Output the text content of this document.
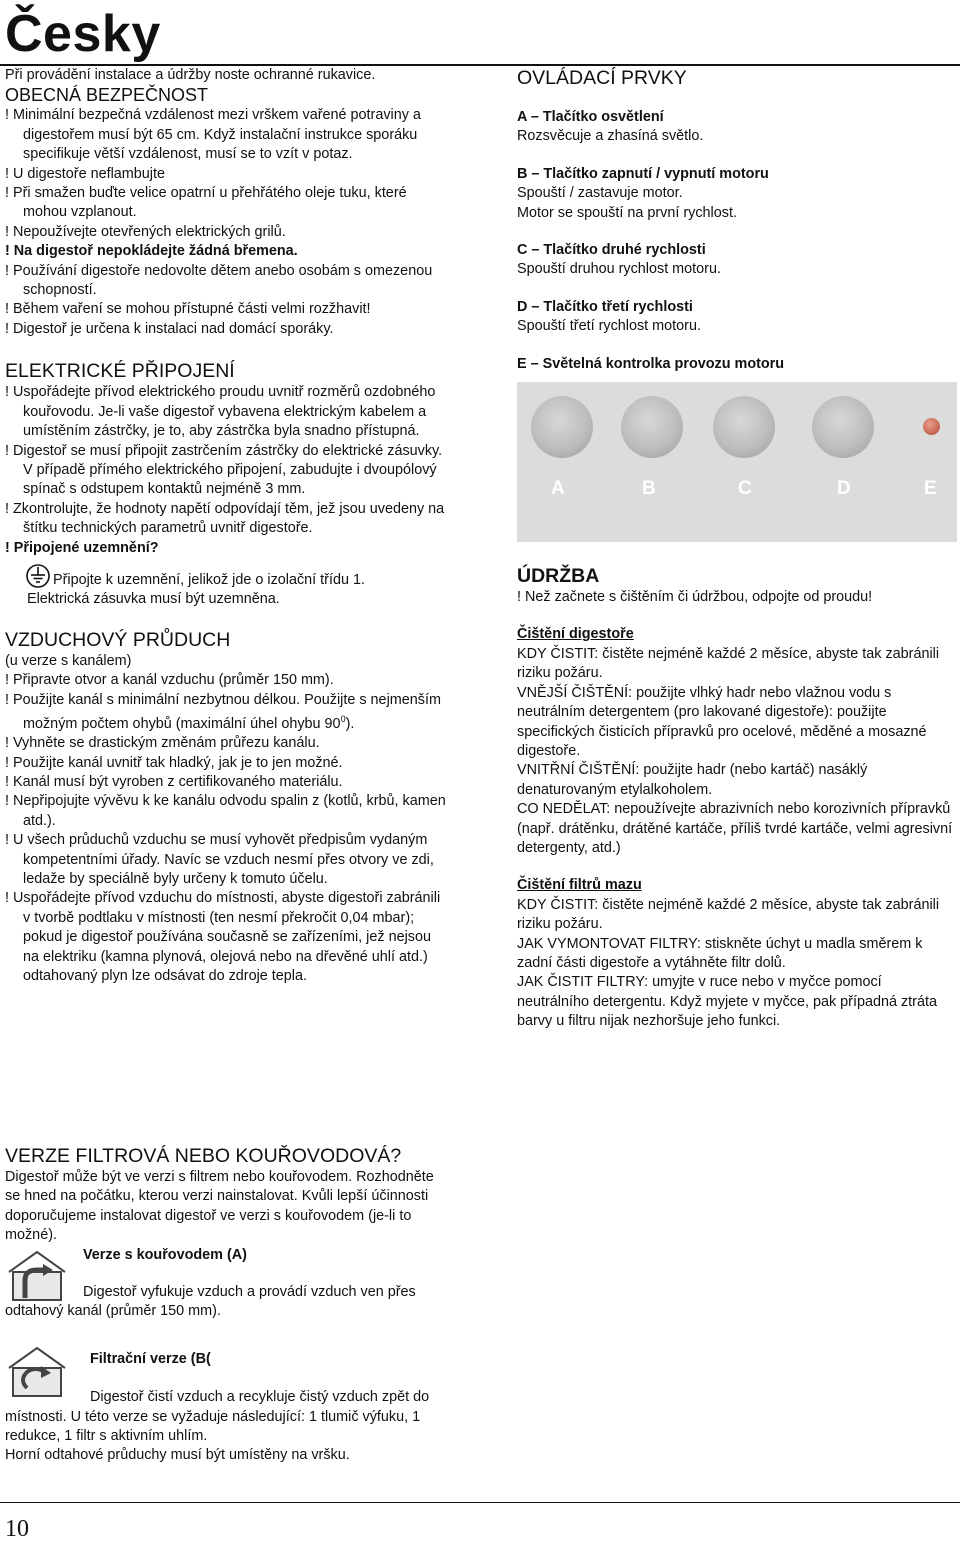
Česky

Při provádění instalace a údržby noste ochranné rukavice.

OBECNÁ BEZPEČNOST

! Minimální bezpečná vzdálenost mezi vrškem vařené potraviny a digestořem musí být 65 cm. Když instalační instrukce sporáku specifikuje větší vzdálenost, musí se to vzít v potaz.

! U digestoře neflambujte

! Při smažen buďte velice opatrní u přehřátého oleje tuku, které mohou vzplanout.

! Nepoužívejte otevřených elektrických grilů.

! Na digestoř nepokládejte žádná břemena.

! Používání digestoře nedovolte dětem anebo osobám s omezenou schopností.

! Během vaření se mohou přístupné části velmi rozžhavit!

! Digestoř je určena k instalaci nad domácí sporáky.

ELEKTRICKÉ PŘIPOJENÍ

! Uspořádejte přívod elektrického proudu uvnitř rozměrů ozdobného kouřovodu. Je-li vaše digestoř vybavena elektrickým kabelem a umístěním zástrčky, je to, aby zástrčka byla snadno přístupná.

! Digestoř se musí připojit zastrčením zástrčky do elektrické zásuvky. V případě přímého elektrického připojení, zabudujte i dvoupólový spínač s odstupem kontaktů nejméně 3 mm.

! Zkontrolujte, že hodnoty napětí odpovídají těm, jež jsou uvedeny na štítku technických parametrů uvnitř digestoře.

! Připojené uzemnění?

Připojte k uzemnění, jelikož jde o izolační třídu 1.

Elektrická zásuvka musí být uzemněna.

VZDUCHOVÝ PRŮDUCH

(u verze s kanálem)

! Připravte otvor a kanál vzduchu (průměr 150 mm).

! Použijte kanál s minimální nezbytnou délkou. Použijte s nejmenším možným počtem ohybů (maximální úhel ohybu $90^0$).

! Vyhněte se drastickým změnám průřezu kanálu.

! Použijte kanál uvnitř tak hladký, jak je to jen možné.

! Kanál musí být vyroben z certifikovaného materiálu.

! Nepřipojujte vývěvu k ke kanálu odvodu spalin z (kotlů, krbů, kamen atd.).

! U všech průduchů vzduchu se musí vyhovět předpisům vydaným kompetentními úřady. Navíc se vzduch nesmí přes otvory ve zdi, ledaže by speciálně byly určeny k tomuto účelu.

! Uspořádejte přívod vzduchu do místnosti, abyste digestoři zabránili v tvorbě podtlaku v místnosti (ten nesmí překročit 0,04 mbar); pokud je digestoř používána současně se zařízeními, jež nejsou na elektriku (kamna plynová, olejová nebo na dřevěné uhlí atd.) odtahovaný plyn lze odsávat do zdroje tepla.

VERZE FILTROVÁ NEBO KOUŘOVODOVÁ?

Digestoř může být ve verzi s filtrem nebo kouřovodem. Rozhodněte se hned na počátku, kterou verzi nainstalovat. Kvůli lepší účinnosti doporučujeme instalovat digestoř ve verzi s kouřovodem (je-li to možné).

Verze s kouřovodem (A)

Digestoř vyfukuje vzduch a provádí vzduch ven přes odtahový kanál (průměr 150 mm).

Filtrační verze (B(

Digestoř čistí vzduch a recykluje čistý vzduch zpět do místnosti. U této verze se vyžaduje následující: 1 tlumič výfuku, 1 redukce, 1 filtr s aktivním uhlím.

Horní odtahové průduchy musí být umístěny na vršku.

OVLÁDACÍ PRVKY

A – Tlačítko osvětlení

Rozsvěcuje a zhasíná světlo.

B – Tlačítko zapnutí / vypnutí motoru

Spouští / zastavuje motor.

Motor se spouští na první rychlost.

C – Tlačítko druhé rychlosti

Spouští druhou rychlost motoru.

D – Tlačítko třetí rychlosti

Spouští třetí rychlost motoru.

E – Světelná kontrolka provozu motoru

A	B	C	D	E
ÚDRŽBA

! Než začnete s čištěním či údržbou, odpojte od proudu!

Čištění digestoře

KDY ČISTIT: čistěte nejméně každé 2 měsíce, abyste tak zabránili riziku požáru.

VNĚJŠÍ ČIŠTĚNÍ: použijte vlhký hadr nebo vlažnou vodu s neutrálním detergentem (pro lakované digestoře): použijte specifických čisticích přípravků pro ocelové, měděné a mosazné digestoře.

VNITŘNÍ ČIŠTĚNÍ: použijte hadr (nebo kartáč) nasáklý denaturovaným etylalkoholem.

CO NEDĚLAT: nepoužívejte abrazivních nebo korozivních přípravků (např. drátěnku, drátěné kartáče, příliš tvrdé kartáče, velmi agresivní detergenty, atd.)

Čištění filtrů mazu

KDY ČISTIT: čistěte nejméně každé 2 měsíce, abyste tak zabránili riziku požáru.

JAK VYMONTOVAT FILTRY: stiskněte úchyt u madla směrem k zadní části digestoře a vytáhněte filtr dolů.

JAK ČISTIT FILTRY: umyjte v ruce nebo v myčce pomocí neutrálního detergentu. Když myjete v myčce, pak případná ztráta barvy u filtru nijak nezhoršuje jeho funkci.

10
